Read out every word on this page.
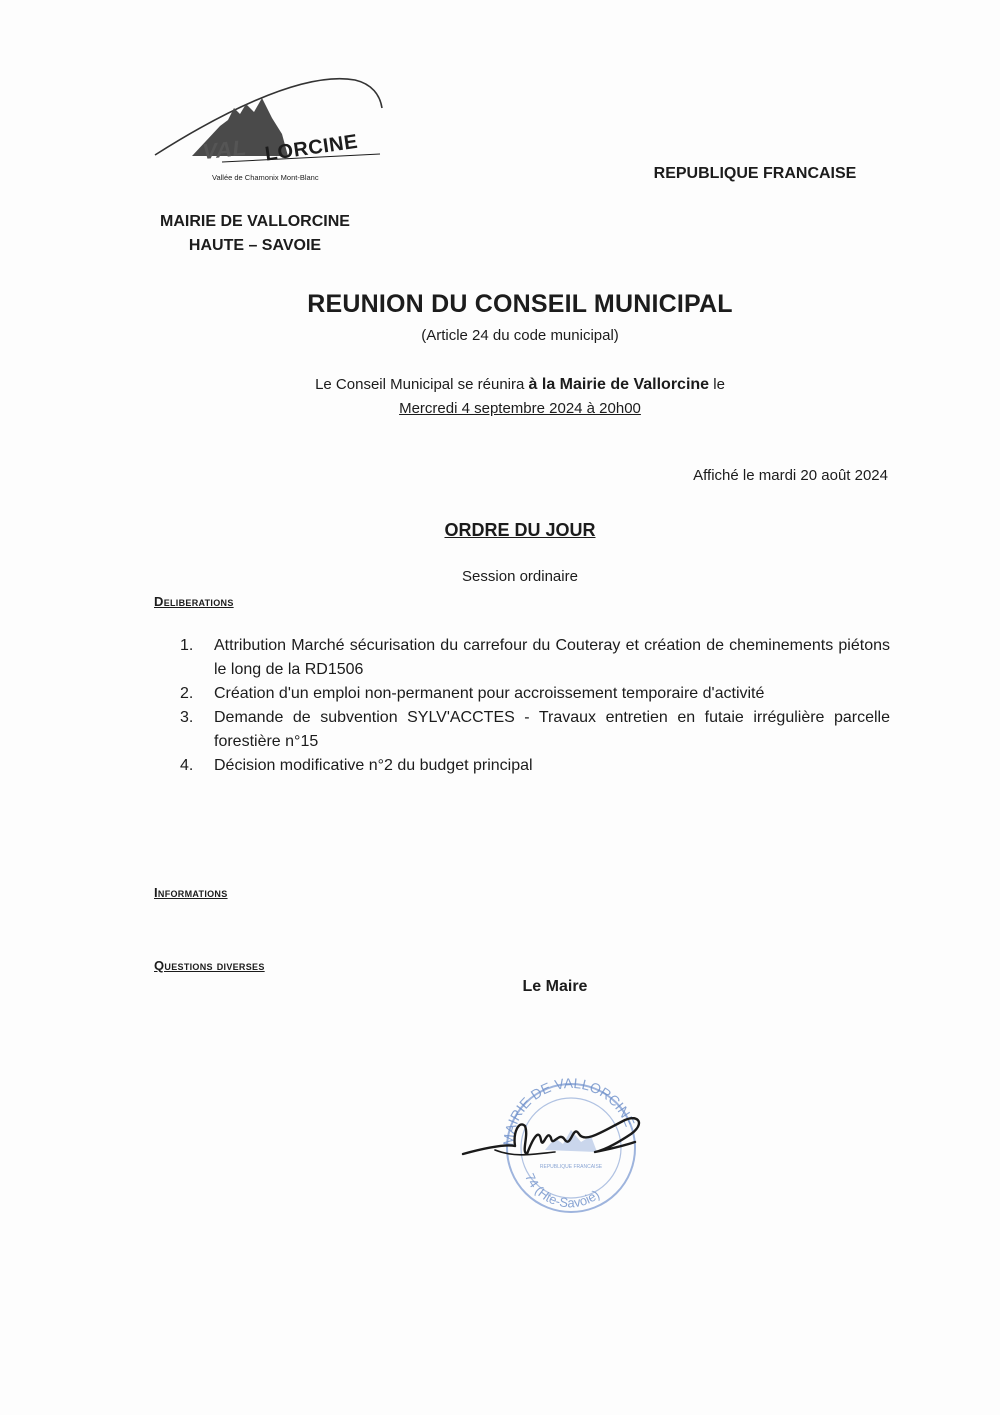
VAL LORCINE
Vallée de Chamonix Mont-Blanc	REPUBLIQUE FRANCAISE
MAIRIE DE VALLORCINE
HAUTE – SAVOIE
REUNION DU CONSEIL MUNICIPAL
(Article 24 du code municipal)
Le Conseil Municipal se réunira à la Mairie de Vallorcine le
Mercredi 4 septembre 2024 à 20h00
Affiché le mardi 20 août 2024
ORDRE DU JOUR
Session ordinaire
Deliberations
1.	Attribution Marché sécurisation du carrefour du Couteray et création de cheminements piétons le long de la RD1506
2.	Création d'un emploi non-permanent pour accroissement temporaire d'activité
3.	Demande de subvention SYLV'ACCTES - Travaux entretien en futaie irrégulière parcelle forestière n°15
4.	Décision modificative n°2 du budget principal
Informations
Questions diverses
Le Maire
MAIRIE DE VALLORCINE
74 (Hte-Savoie)
REPUBLIQUE FRANCAISE
